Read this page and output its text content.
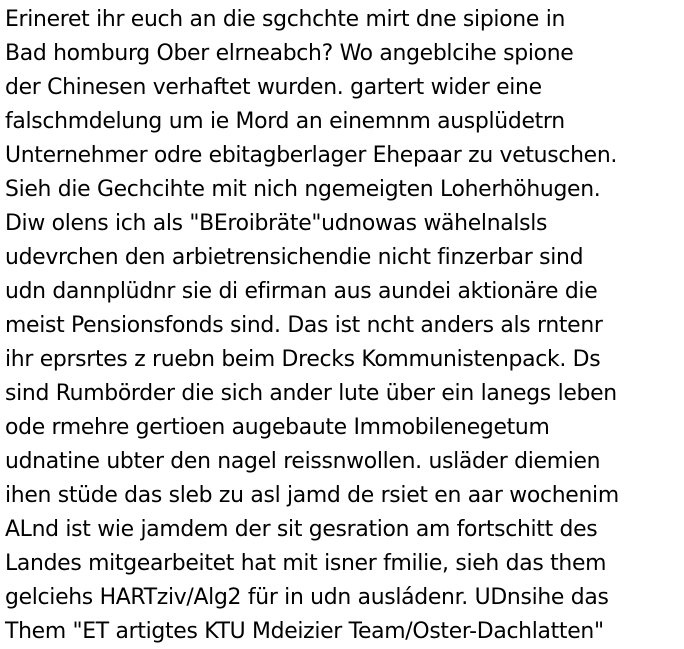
Erineret ihr euch an die sgchchte mirt dne sipione in
Bad homburg Ober elrneabch? Wo angeblcihe spione
der Chinesen verhaftet wurden. gartert wider eine
falschmdelung um ie Mord an einemnm ausplüdetrn
Unternehmer odre ebitagberlager Ehepaar zu vetuschen.
Sieh die Gechcihte mit nich ngemeigten Loherhöhugen.
Diw olens ich als "BEroibräte"udnowas wähelnalsls
udevrchen den arbietrensichendie nicht finzerbar sind
udn dannplüdnr sie di efirman aus aundei aktionäre die
meist Pensionsfonds sind. Das ist ncht anders als rntenr
ihr eprsrtes z ruebn beim Drecks Kommunistenpack. Ds
sind Rumbörder die sich ander lute über ein lanegs leben
ode rmehre gertioen augebaute Immobilenegetum
udnatine ubter den nagel reissnwollen. usläder diemien
ihen stüde das sleb zu asl jamd de rsiet en aar wochenim
ALnd ist wie jamdem der sit gesration am fortschitt des
Landes mitgearbeitet hat mit isner fmilie, sieh das them
gelciehs HARTziv/Alg2 für in udn ausládenr. UDnsihe das
Them "ET artigtes KTU Mdeizier Team/Oster-Dachlatten"
